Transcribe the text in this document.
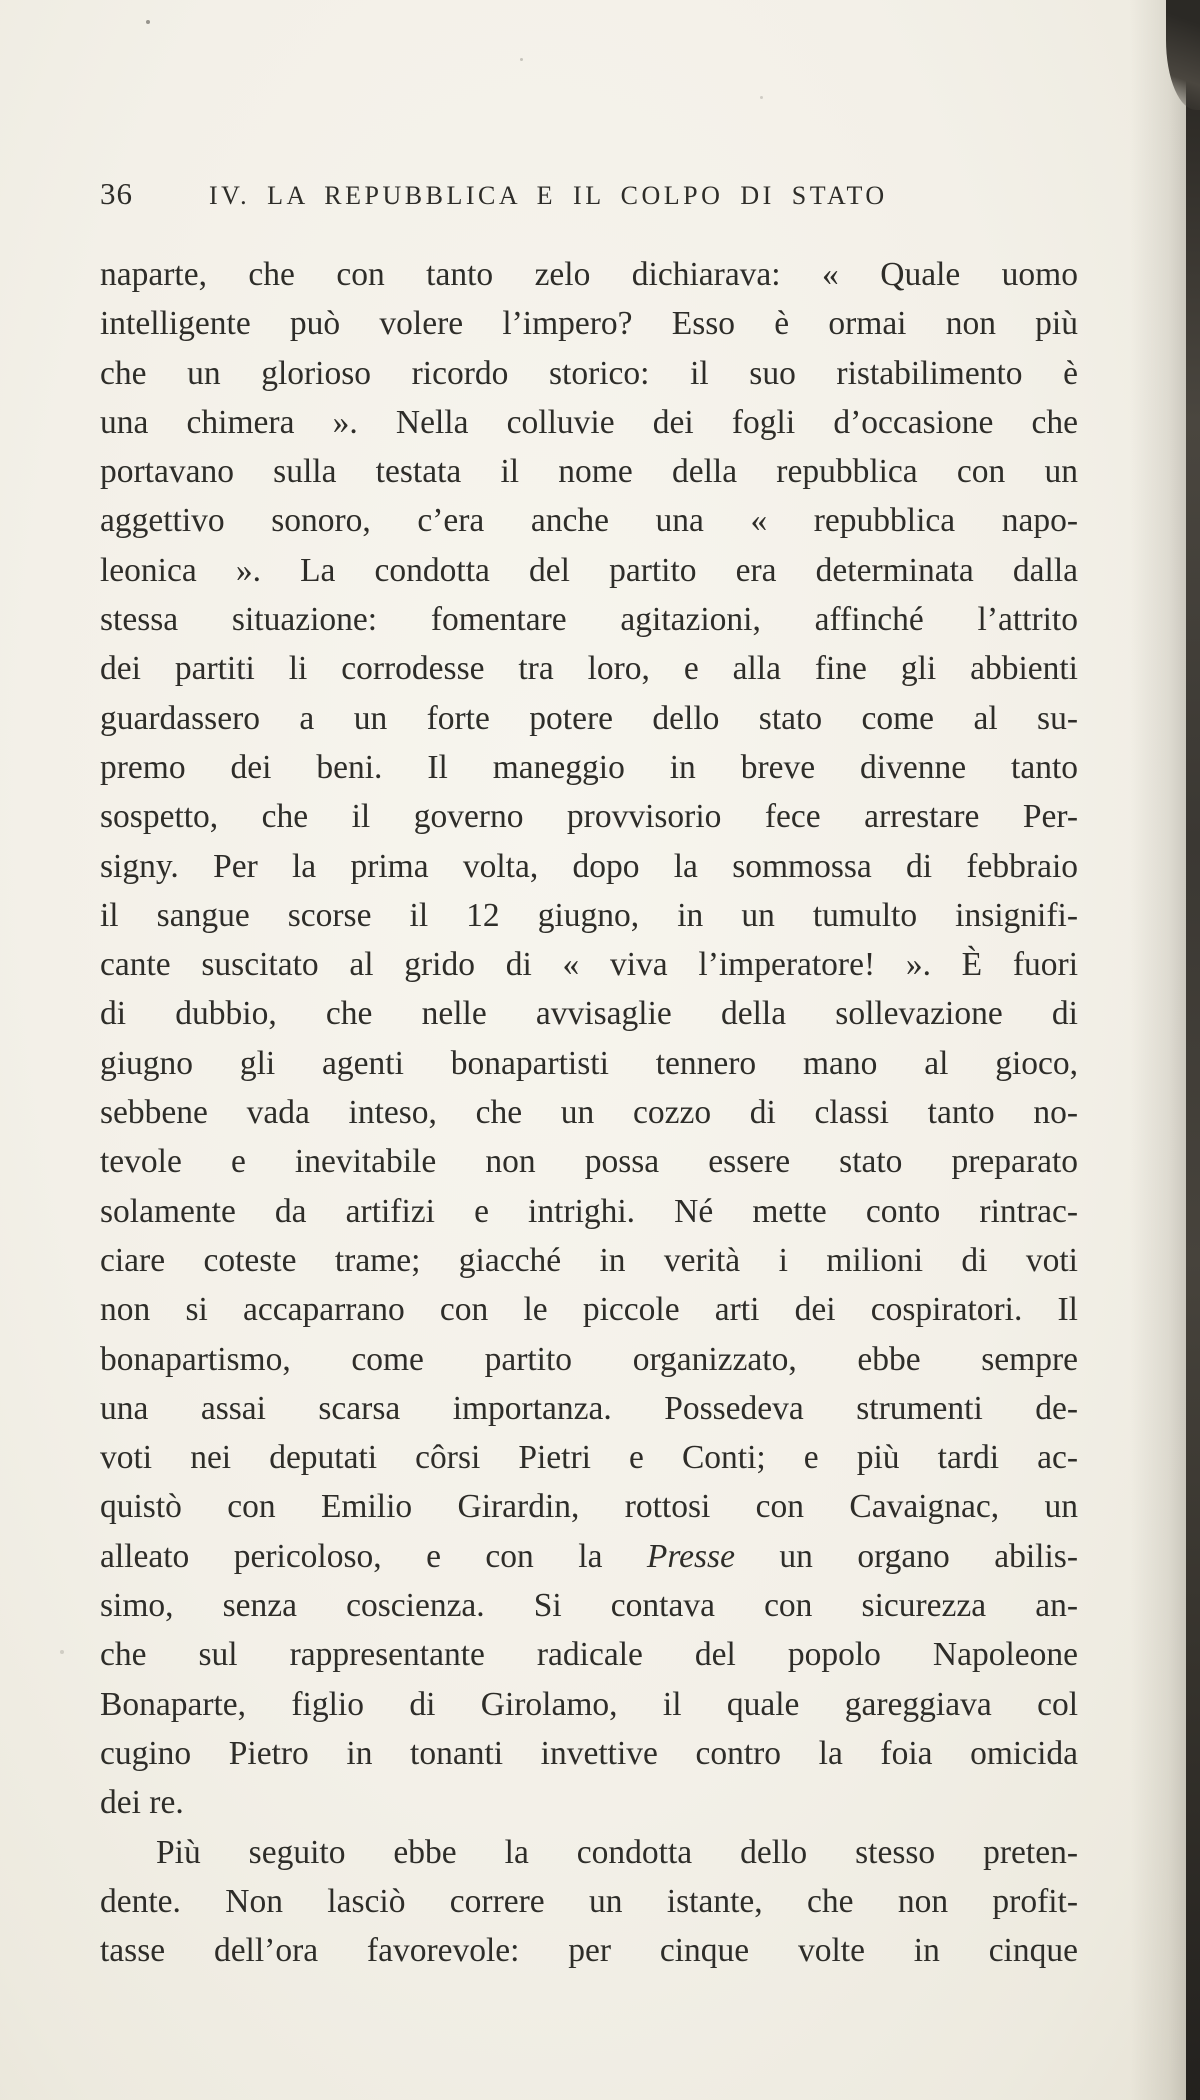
36	IV. LA REPUBBLICA E IL COLPO DI STATO
naparte, che con tanto zelo dichiarava: « Quale uomo
intelligente può volere l’impero? Esso è ormai non più
che un glorioso ricordo storico: il suo ristabilimento è
una chimera ». Nella colluvie dei fogli d’occasione che
portavano sulla testata il nome della repubblica con un
aggettivo sonoro, c’era anche una « repubblica napo-
leonica ». La condotta del partito era determinata dalla
stessa situazione: fomentare agitazioni, affinché l’attrito
dei partiti li corrodesse tra loro, e alla fine gli abbienti
guardassero a un forte potere dello stato come al su-
premo dei beni. Il maneggio in breve divenne tanto
sospetto, che il governo provvisorio fece arrestare Per-
signy. Per la prima volta, dopo la sommossa di febbraio
il sangue scorse il 12 giugno, in un tumulto insignifi-
cante suscitato al grido di « viva l’imperatore! ». È fuori
di dubbio, che nelle avvisaglie della sollevazione di
giugno gli agenti bonapartisti tennero mano al gioco,
sebbene vada inteso, che un cozzo di classi tanto no-
tevole e inevitabile non possa essere stato preparato
solamente da artifizi e intrighi. Né mette conto rintrac-
ciare coteste trame; giacché in verità i milioni di voti
non si accaparrano con le piccole arti dei cospiratori. Il
bonapartismo, come partito organizzato, ebbe sempre
una assai scarsa importanza. Possedeva strumenti de-
voti nei deputati côrsi Pietri e Conti; e più tardi ac-
quistò con Emilio Girardin, rottosi con Cavaignac, un
alleato pericoloso, e con la Presse un organo abilis-
simo, senza coscienza. Si contava con sicurezza an-
che sul rappresentante radicale del popolo Napoleone
Bonaparte, figlio di Girolamo, il quale gareggiava col
cugino Pietro in tonanti invettive contro la foia omicida
dei re.
Più seguito ebbe la condotta dello stesso preten-
dente. Non lasciò correre un istante, che non profit-
tasse dell’ora favorevole: per cinque volte in cinque
